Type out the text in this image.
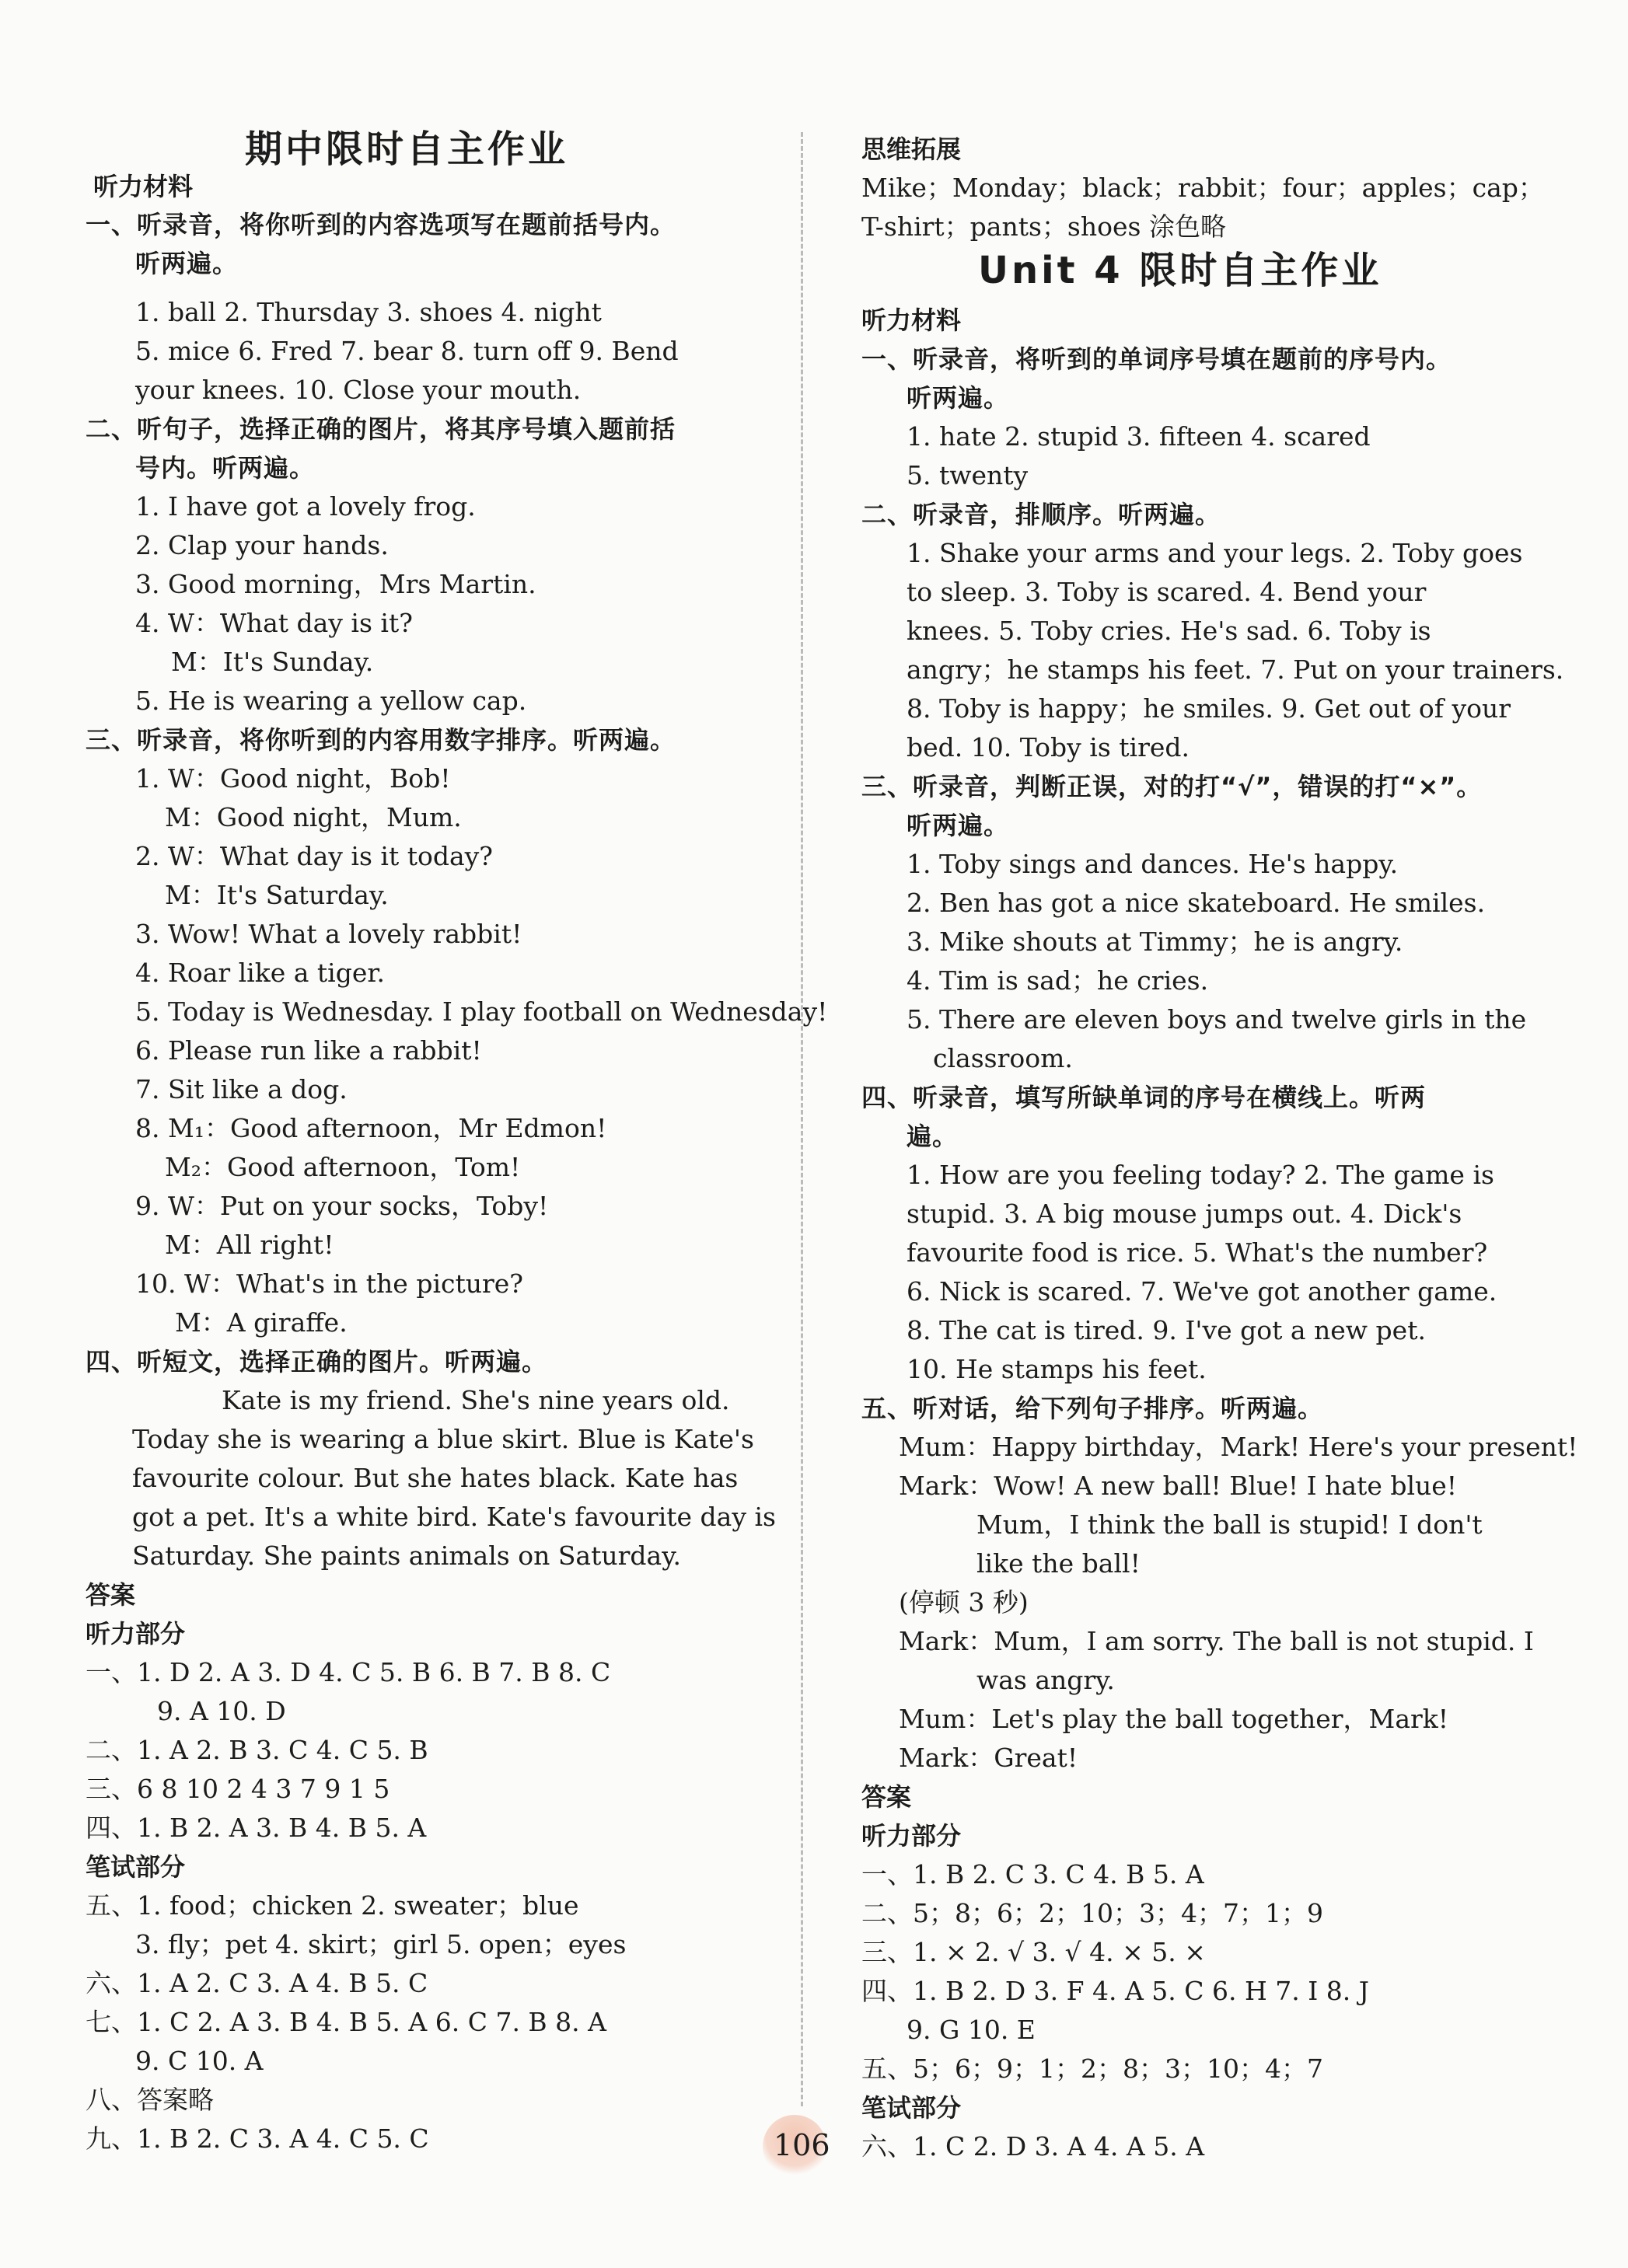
期中限时自主作业
听力材料
一、听录音，将你听到的内容选项写在题前括号内。
听两遍。
1. ball 2. Thursday 3. shoes 4. night
5. mice 6. Fred 7. bear 8. turn off 9. Bend
your knees. 10. Close your mouth.
二、听句子，选择正确的图片，将其序号填入题前括
号内。听两遍。
1. I have got a lovely frog.
2. Clap your hands.
3. Good morning，Mrs Martin.
4. W：What day is it?
M：It's Sunday.
5. He is wearing a yellow cap.
三、听录音，将你听到的内容用数字排序。听两遍。
1. W：Good night，Bob!
M：Good night，Mum.
2. W：What day is it today?
M：It's Saturday.
3. Wow! What a lovely rabbit!
4. Roar like a tiger.
5. Today is Wednesday. I play football on Wednesday!
6. Please run like a rabbit!
7. Sit like a dog.
8. M₁：Good afternoon，Mr Edmon!
M₂：Good afternoon，Tom!
9. W：Put on your socks，Toby!
M：All right!
10. W：What's in the picture?
M：A giraffe.
四、听短文，选择正确的图片。听两遍。
Kate is my friend. She's nine years old.
Today she is wearing a blue skirt. Blue is Kate's
favourite colour. But she hates black. Kate has
got a pet. It's a white bird. Kate's favourite day is
Saturday. She paints animals on Saturday.
答案
听力部分
一、1. D 2. A 3. D 4. C 5. B 6. B 7. B 8. C
9. A 10. D
二、1. A 2. B 3. C 4. C 5. B
三、6 8 10 2 4 3 7 9 1 5
四、1. B 2. A 3. B 4. B 5. A
笔试部分
五、1. food；chicken 2. sweater；blue
3. fly；pet 4. skirt；girl 5. open；eyes
六、1. A 2. C 3. A 4. B 5. C
七、1. C 2. A 3. B 4. B 5. A 6. C 7. B 8. A
9. C 10. A
八、答案略
九、1. B 2. C 3. A 4. C 5. C
Unit 4 限时自主作业
思维拓展
Mike；Monday；black；rabbit；four；apples；cap；
T-shirt；pants；shoes 涂色略
听力材料
一、听录音，将听到的单词序号填在题前的序号内。
听两遍。
1. hate 2. stupid 3. fifteen 4. scared
5. twenty
二、听录音，排顺序。听两遍。
1. Shake your arms and your legs. 2. Toby goes
to sleep. 3. Toby is scared. 4. Bend your
knees. 5. Toby cries. He's sad. 6. Toby is
angry；he stamps his feet. 7. Put on your trainers.
8. Toby is happy；he smiles. 9. Get out of your
bed. 10. Toby is tired.
三、听录音，判断正误，对的打“√”，错误的打“×”。
听两遍。
1. Toby sings and dances. He's happy.
2. Ben has got a nice skateboard. He smiles.
3. Mike shouts at Timmy；he is angry.
4. Tim is sad；he cries.
5. There are eleven boys and twelve girls in the
classroom.
四、听录音，填写所缺单词的序号在横线上。听两
遍。
1. How are you feeling today? 2. The game is
stupid. 3. A big mouse jumps out. 4. Dick's
favourite food is rice. 5. What's the number?
6. Nick is scared. 7. We've got another game.
8. The cat is tired. 9. I've got a new pet.
10. He stamps his feet.
五、听对话，给下列句子排序。听两遍。
Mum：Happy birthday，Mark! Here's your present!
Mark：Wow! A new ball! Blue! I hate blue!
Mum，I think the ball is stupid! I don't
like the ball!
(停顿 3 秒)
Mark：Mum，I am sorry. The ball is not stupid. I
was angry.
Mum：Let's play the ball together，Mark!
Mark：Great!
答案
听力部分
一、1. B 2. C 3. C 4. B 5. A
二、5；8；6；2；10；3；4；7；1；9
三、1. × 2. √ 3. √ 4. × 5. ×
四、1. B 2. D 3. F 4. A 5. C 6. H 7. I 8. J
9. G 10. E
五、5；6；9；1；2；8；3；10；4；7
笔试部分
六、1. C 2. D 3. A 4. A 5. A
106
